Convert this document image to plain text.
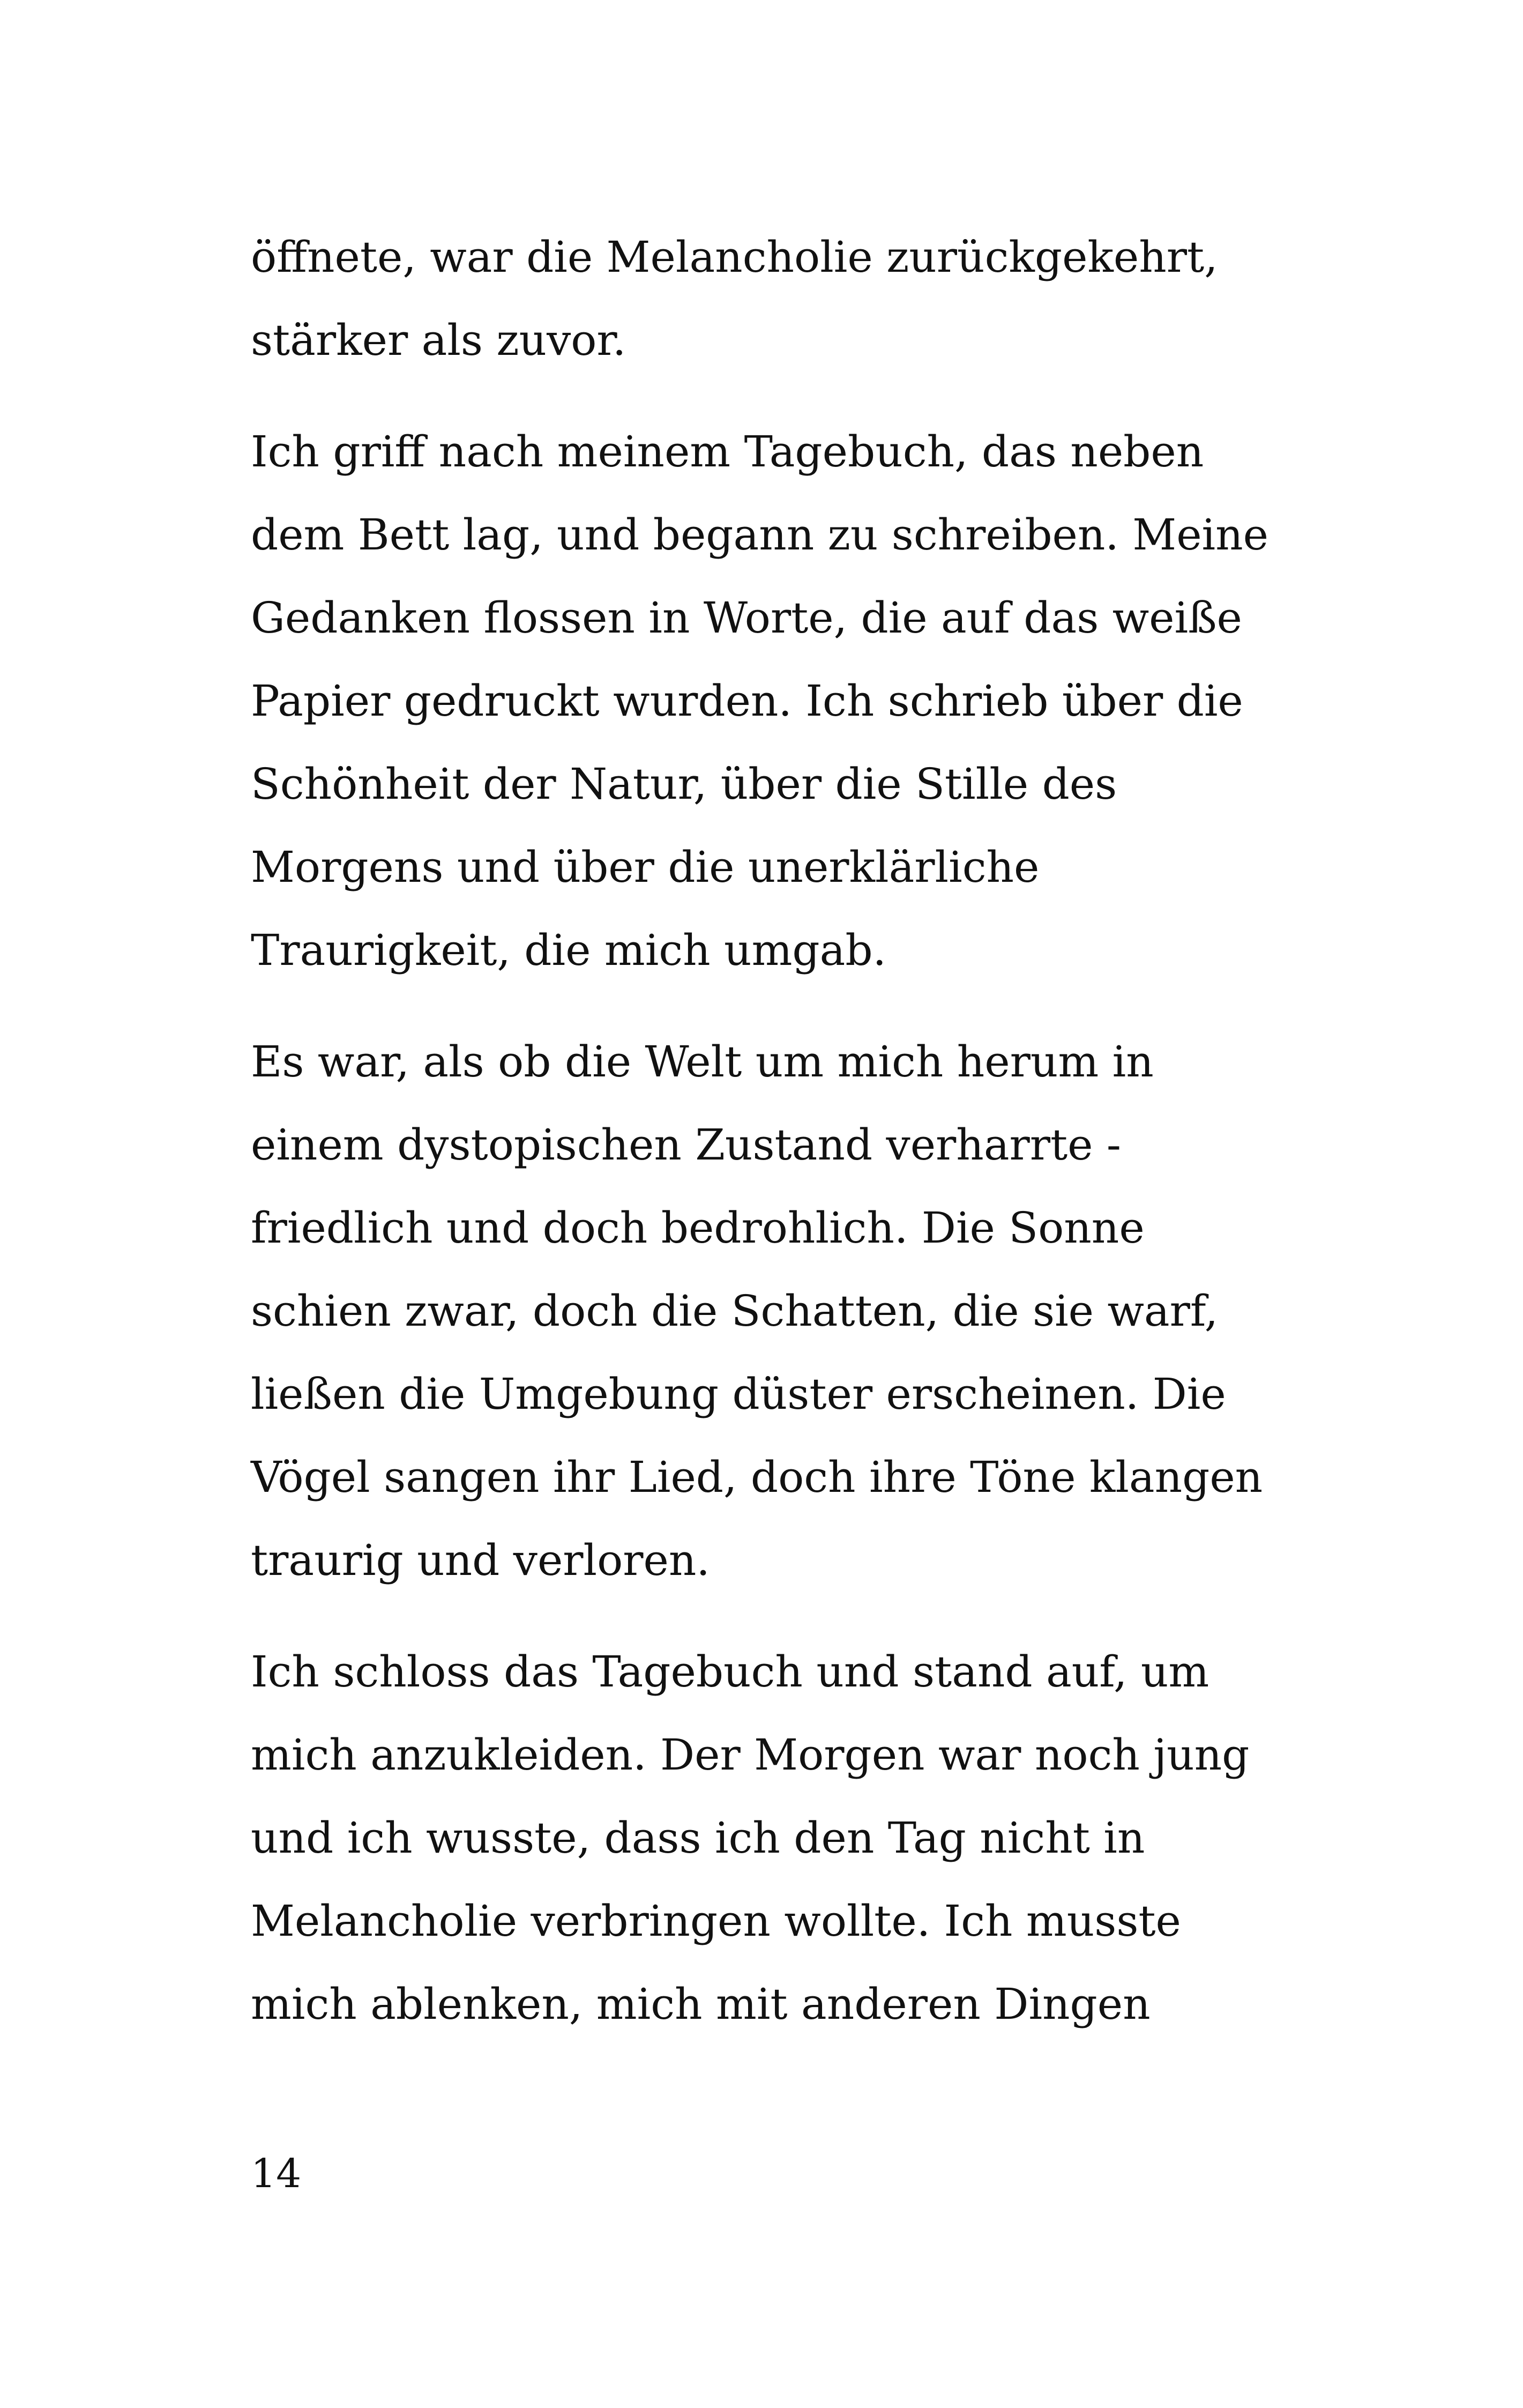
öffnete, war die Melancholie zurückgekehrt,
stärker als zuvor.
Ich griff nach meinem Tagebuch, das neben
dem Bett lag, und begann zu schreiben. Meine
Gedanken flossen in Worte, die auf das weiße
Papier gedruckt wurden. Ich schrieb über die
Schönheit der Natur, über die Stille des
Morgens und über die unerklärliche
Traurigkeit, die mich umgab.
Es war, als ob die Welt um mich herum in
einem dystopischen Zustand verharrte -
friedlich und doch bedrohlich. Die Sonne
schien zwar, doch die Schatten, die sie warf,
ließen die Umgebung düster erscheinen. Die
Vögel sangen ihr Lied, doch ihre Töne klangen
traurig und verloren.
Ich schloss das Tagebuch und stand auf, um
mich anzukleiden. Der Morgen war noch jung
und ich wusste, dass ich den Tag nicht in
Melancholie verbringen wollte. Ich musste
mich ablenken, mich mit anderen Dingen
14
